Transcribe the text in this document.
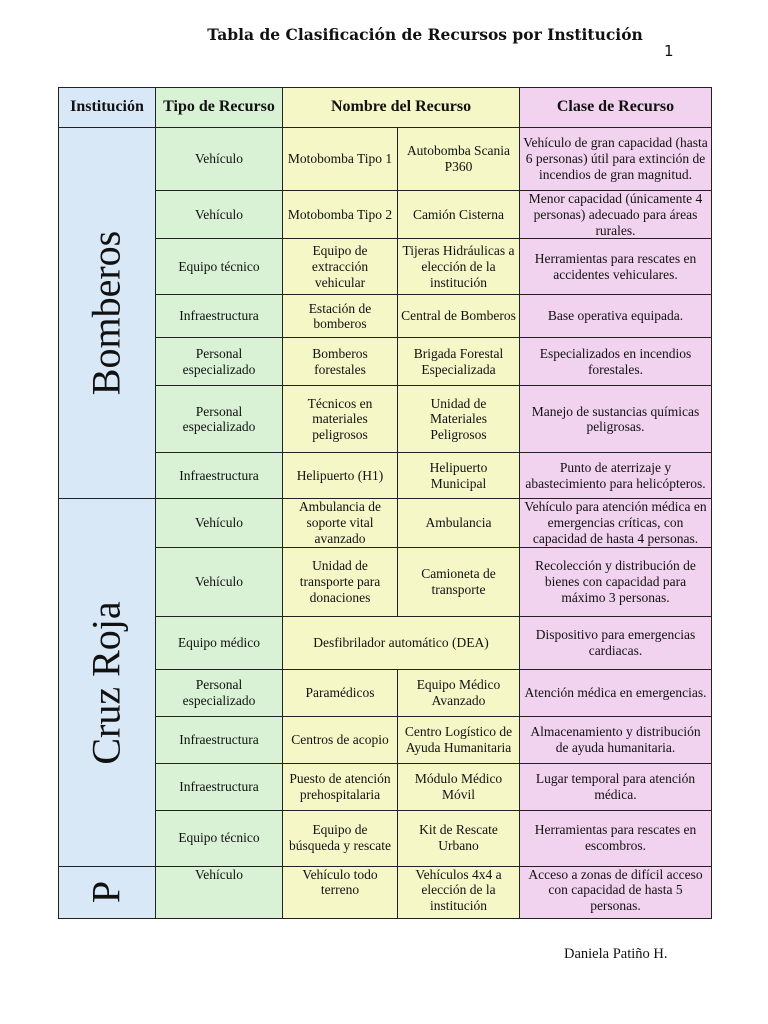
Tabla de Clasificación de Recursos por Institución
1
Institución	Tipo de Recurso	Nombre del Recurso		Clase de Recurso

Bomberos	Vehículo	Motobomba Tipo 1	Autobomba Scania P360	Vehículo de gran capacidad (hasta 6 personas) útil para extinción de incendios de gran magnitud.
	Vehículo	Motobomba Tipo 2	Camión Cisterna	Menor capacidad (únicamente 4 personas) adecuado para áreas rurales.
	Equipo técnico	Equipo de extracción vehicular	Tijeras Hidráulicas a elección de la institución	Herramientas para rescates en accidentes vehiculares.
	Infraestructura	Estación de bomberos	Central de Bomberos	Base operativa equipada.
	Personal especializado	Bomberos forestales	Brigada Forestal Especializada	Especializados en incendios forestales.
	Personal especializado	Técnicos en materiales peligrosos	Unidad de Materiales Peligrosos	Manejo de sustancias químicas peligrosas.
	Infraestructura	Helipuerto (H1)	Helipuerto Municipal	Punto de aterrizaje y abastecimiento para helicópteros.

Cruz Roja	Vehículo	Ambulancia de soporte vital avanzado	Ambulancia	Vehículo para atención médica en emergencias críticas, con capacidad de hasta 4 personas.
	Vehículo	Unidad de transporte para donaciones	Camioneta de transporte	Recolección y distribución de bienes con capacidad para máximo 3 personas.
	Equipo médico	Desfibrilador automático (DEA)		Dispositivo para emergencias cardiacas.
	Personal especializado	Paramédicos	Equipo Médico Avanzado	Atención médica en emergencias.
	Infraestructura	Centros de acopio	Centro Logístico de Ayuda Humanitaria	Almacenamiento y distribución de ayuda humanitaria.
	Infraestructura	Puesto de atención prehospitalaria	Módulo Médico Móvil	Lugar temporal para atención médica.
	Equipo técnico	Equipo de búsqueda y rescate	Kit de Rescate Urbano	Herramientas para rescates en escombros.

P	Vehículo	Vehículo todo terreno	Vehículos 4x4 a elección de la institución	Acceso a zonas de difícil acceso con capacidad de hasta 5 personas.
Daniela Patiño H.
